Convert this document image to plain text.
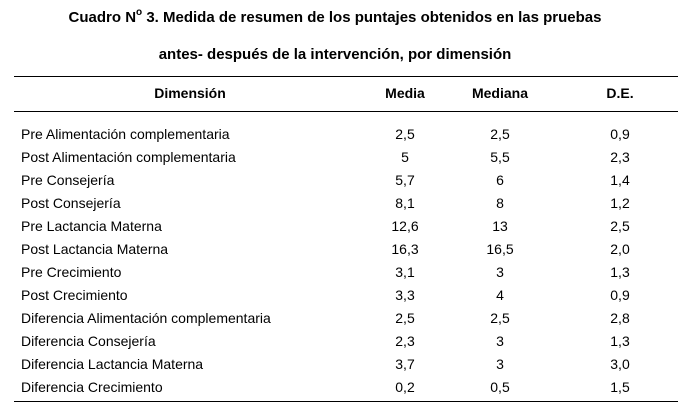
Cuadro $N^o$ 3. Medida de resumen de los puntajes obtenidos en las pruebas
antes- después de la intervención, por dimensión
Dimensión	Media	Mediana	D.E.
Pre Alimentación complementaria	2,5	2,5	0,9
Post Alimentación complementaria	5	5,5	2,3
Pre Consejería	5,7	6	1,4
Post Consejería	8,1	8	1,2
Pre Lactancia Materna	12,6	13	2,5
Post Lactancia Materna	16,3	16,5	2,0
Pre Crecimiento	3,1	3	1,3
Post Crecimiento	3,3	4	0,9
Diferencia Alimentación complementaria	2,5	2,5	2,8
Diferencia Consejería	2,3	3	1,3
Diferencia Lactancia Materna	3,7	3	3,0
Diferencia Crecimiento	0,2	0,5	1,5
